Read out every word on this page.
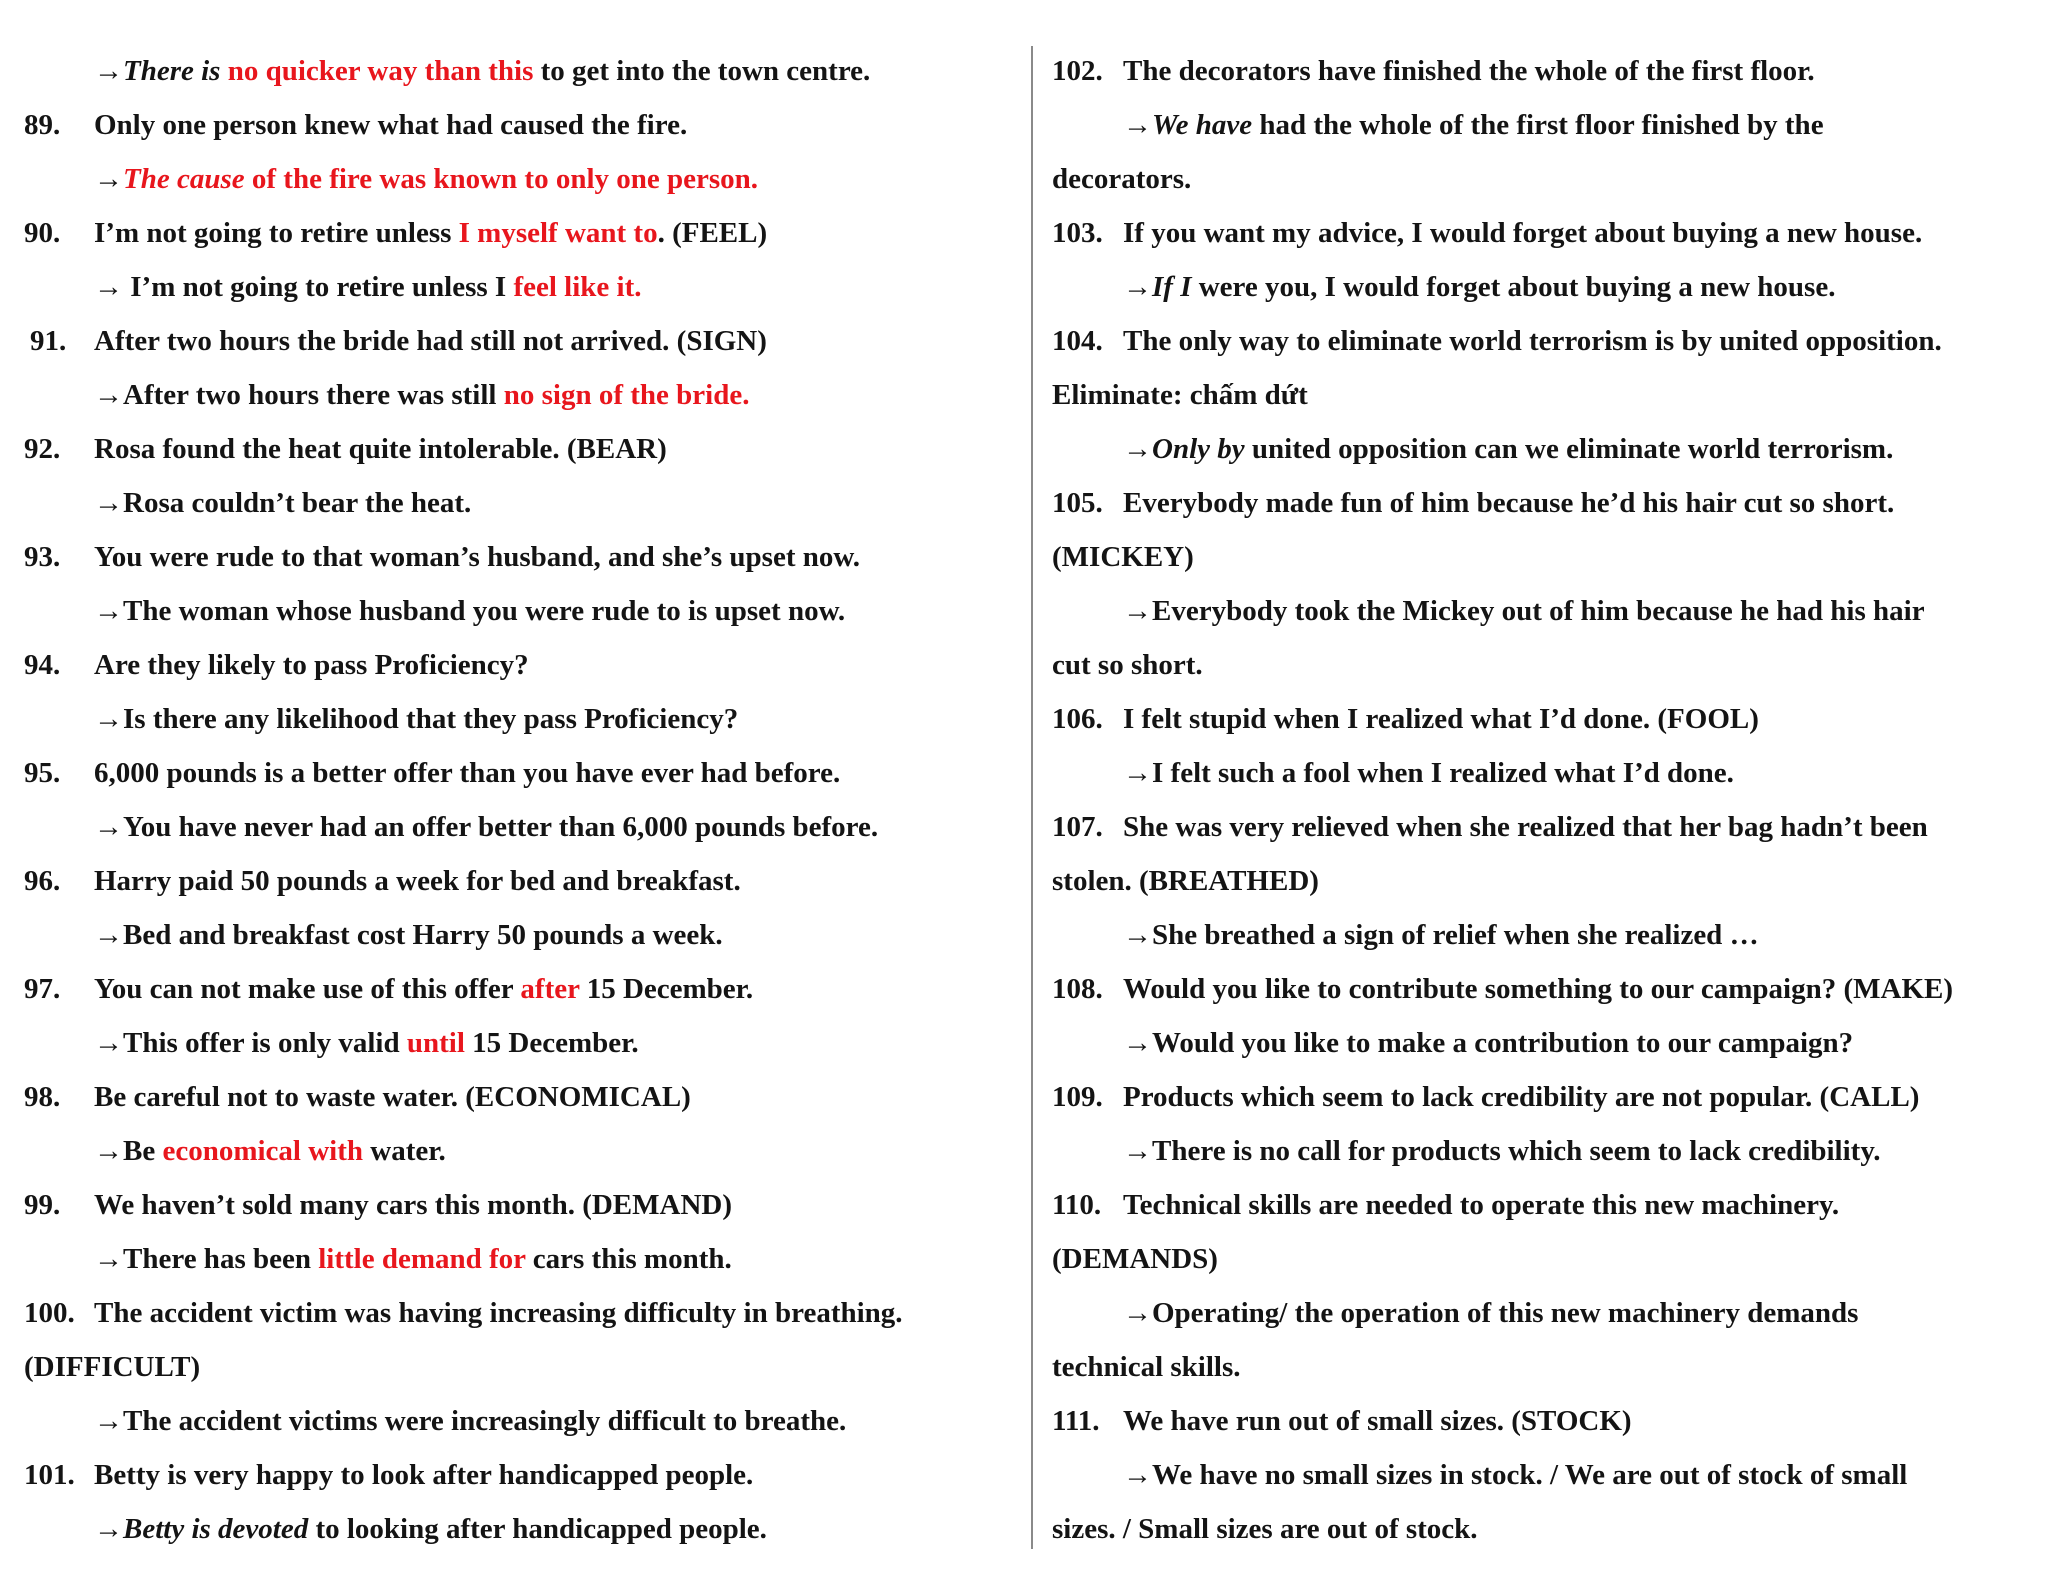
→There is no quicker way than this to get into the town centre.
89. Only one person knew what had caused the fire.
→The cause of the fire was known to only one person.
90. I’m not going to retire unless I myself want to. (FEEL)
→ I’m not going to retire unless I feel like it.
91. After two hours the bride had still not arrived. (SIGN)
→After two hours there was still no sign of the bride.
92. Rosa found the heat quite intolerable. (BEAR)
→Rosa couldn’t bear the heat.
93. You were rude to that woman’s husband, and she’s upset now.
→The woman whose husband you were rude to is upset now.
94. Are they likely to pass Proficiency?
→Is there any likelihood that they pass Proficiency?
95. 6,000 pounds is a better offer than you have ever had before.
→You have never had an offer better than 6,000 pounds before.
96. Harry paid 50 pounds a week for bed and breakfast.
→Bed and breakfast cost Harry 50 pounds a week.
97. You can not make use of this offer after 15 December.
→This offer is only valid until 15 December.
98. Be careful not to waste water. (ECONOMICAL)
→Be economical with water.
99. We haven’t sold many cars this month. (DEMAND)
→There has been little demand for cars this month.
100. The accident victim was having increasing difficulty in breathing.
(DIFFICULT)
→The accident victims were increasingly difficult to breathe.
101. Betty is very happy to look after handicapped people.
→Betty is devoted to looking after handicapped people.
102. The decorators have finished the whole of the first floor.
→We have had the whole of the first floor finished by the
decorators.
103. If you want my advice, I would forget about buying a new house.
→If I were you, I would forget about buying a new house.
104. The only way to eliminate world terrorism is by united opposition.
Eliminate: chấm dứt
→Only by united opposition can we eliminate world terrorism.
105. Everybody made fun of him because he’d his hair cut so short.
(MICKEY)
→Everybody took the Mickey out of him because he had his hair
cut so short.
106. I felt stupid when I realized what I’d done. (FOOL)
→I felt such a fool when I realized what I’d done.
107. She was very relieved when she realized that her bag hadn’t been
stolen. (BREATHED)
→She breathed a sign of relief when she realized …
108. Would you like to contribute something to our campaign? (MAKE)
→Would you like to make a contribution to our campaign?
109. Products which seem to lack credibility are not popular. (CALL)
→There is no call for products which seem to lack credibility.
110. Technical skills are needed to operate this new machinery.
(DEMANDS)
→Operating/ the operation of this new machinery demands
technical skills.
111. We have run out of small sizes. (STOCK)
→We have no small sizes in stock. / We are out of stock of small
sizes. / Small sizes are out of stock.
